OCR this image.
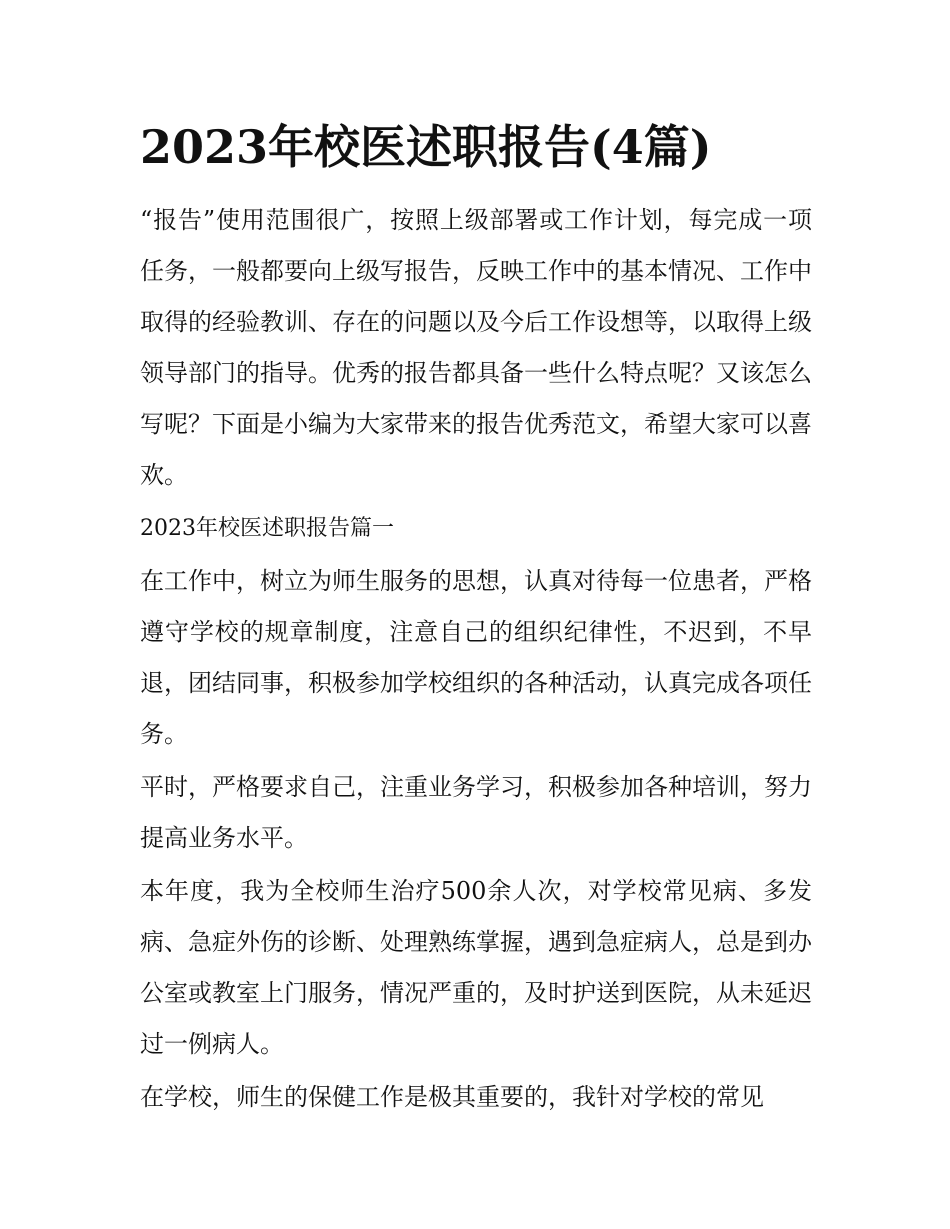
2023年校医述职报告(4篇)

“报告”使用范围很广，按照上级部署或工作计划，每完成一项任务，一般都要向上级写报告，反映工作中的基本情况、工作中取得的经验教训、存在的问题以及今后工作设想等，以取得上级领导部门的指导。优秀的报告都具备一些什么特点呢？又该怎么写呢？下面是小编为大家带来的报告优秀范文，希望大家可以喜欢。

2023年校医述职报告篇一

在工作中，树立为师生服务的思想，认真对待每一位患者，严格遵守学校的规章制度，注意自己的组织纪律性，不迟到，不早退，团结同事，积极参加学校组织的各种活动，认真完成各项任务。

平时，严格要求自己，注重业务学习，积极参加各种培训，努力提高业务水平。

本年度，我为全校师生治疗500余人次，对学校常见病、多发病、急症外伤的诊断、处理熟练掌握，遇到急症病人，总是到办公室或教室上门服务，情况严重的，及时护送到医院，从未延迟过一例病人。

在学校，师生的保健工作是极其重要的，我针对学校的常见
